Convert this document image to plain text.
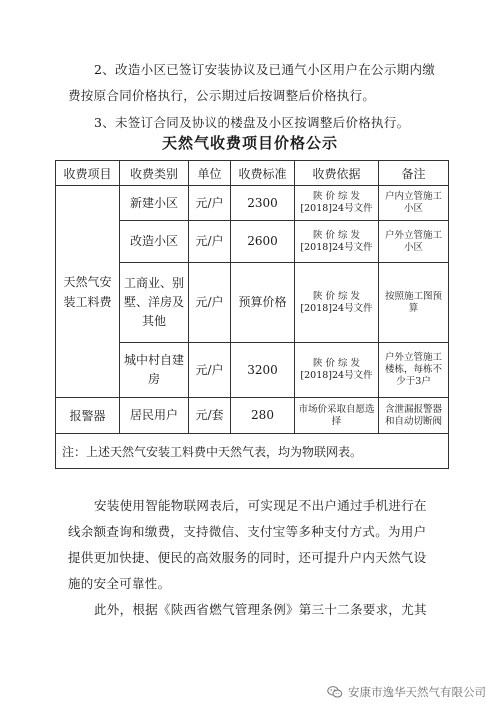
2、改造小区已签订安装协议及已通气小区用户在公示期内缴费按原合同价格执行，公示期过后按调整后价格执行。
3、未签订合同及协议的楼盘及小区按调整后价格执行。
天然气收费项目价格公示
收费项目	收费类别	单位	收费标准	收费依据	备注
天然气安装工料费	新建小区	元/户	2300	陕 价 综 发[2018]24号文件	户内立管施工小区
	改造小区	元/户	2600	陕 价 综 发[2018]24号文件	户外立管施工小区
	工商业、别墅、洋房及其他	元/户	预算价格	陕 价 综 发[2018]24号文件	按照施工图预算
	城中村自建房	元/户	3200	陕 价 综 发[2018]24号文件	户外立管施工楼栋，每栋不少于3户
报警器	居民用户	元/套	280	市场价采取自愿选择	含泄漏报警器和自动切断阀
注：上述天然气安装工料费中天然气表，均为物联网表。					
安装使用智能物联网表后，可实现足不出户通过手机进行在线余额查询和缴费，支持微信、支付宝等多种支付方式。为用户提供更加快捷、便民的高效服务的同时，还可提升户内天然气设施的安全可靠性。
此外，根据《陕西省燃气管理条例》第三十二条要求，尤其
安康市逸华天然气有限公司
